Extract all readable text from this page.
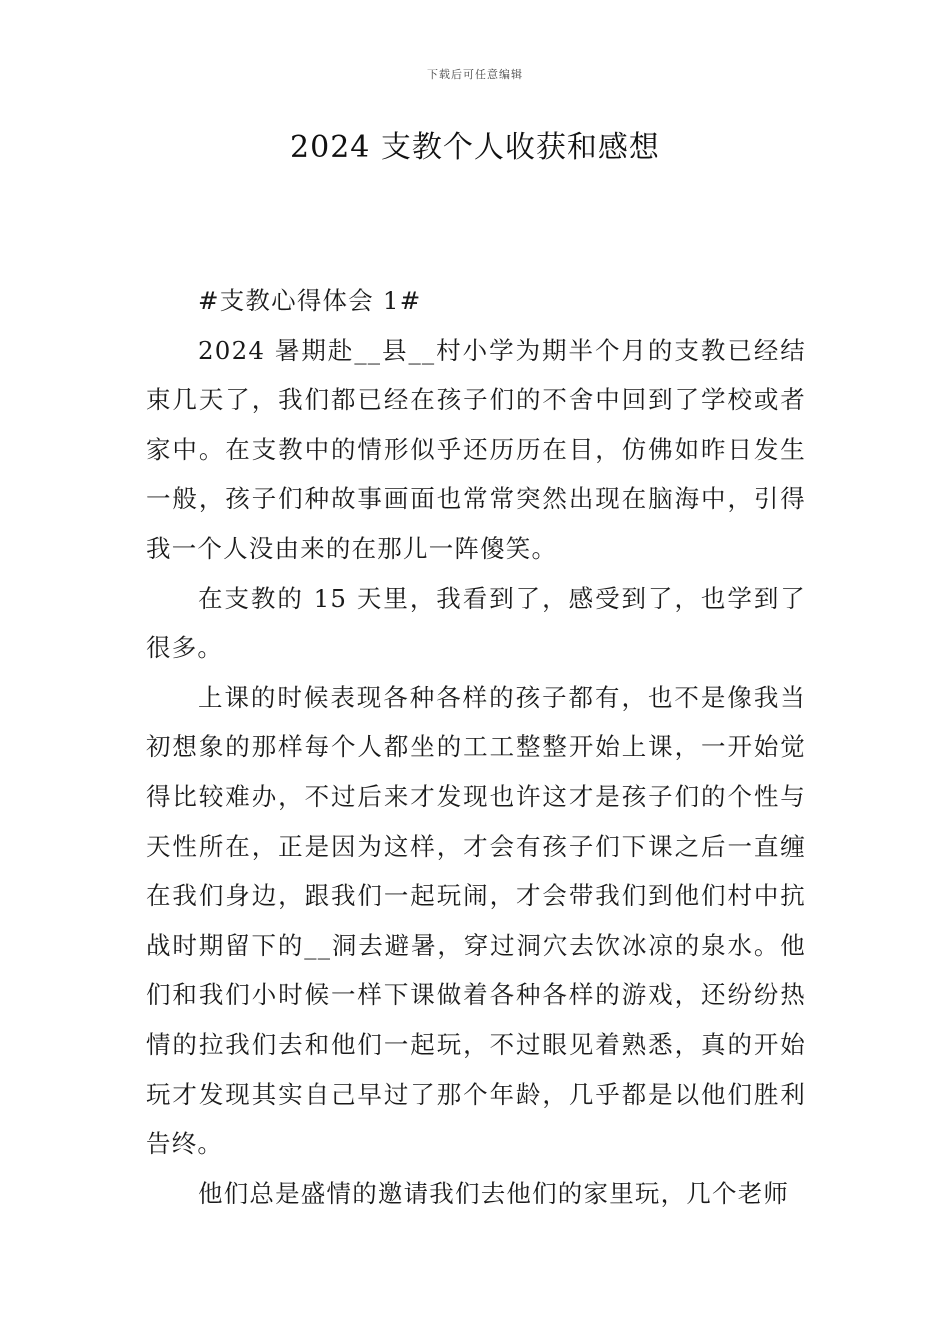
下载后可任意编辑
2024 支教个人收获和感想

#支教心得体会 1#

2024 暑期赴__县__村小学为期半个月的支教已经结束几天了，我们都已经在孩子们的不舍中回到了学校或者家中。在支教中的情形似乎还历历在目，仿佛如昨日发生一般，孩子们种故事画面也常常突然出现在脑海中，引得我一个人没由来的在那儿一阵傻笑。

在支教的 15 天里，我看到了，感受到了，也学到了很多。

上课的时候表现各种各样的孩子都有，也不是像我当初想象的那样每个人都坐的工工整整开始上课，一开始觉得比较难办，不过后来才发现也许这才是孩子们的个性与天性所在，正是因为这样，才会有孩子们下课之后一直缠在我们身边，跟我们一起玩闹，才会带我们到他们村中抗战时期留下的__洞去避暑，穿过洞穴去饮冰凉的泉水。他们和我们小时候一样下课做着各种各样的游戏，还纷纷热情的拉我们去和他们一起玩，不过眼见着熟悉，真的开始玩才发现其实自己早过了那个年龄，几乎都是以他们胜利告终。

他们总是盛情的邀请我们去他们的家里玩，几个老师
